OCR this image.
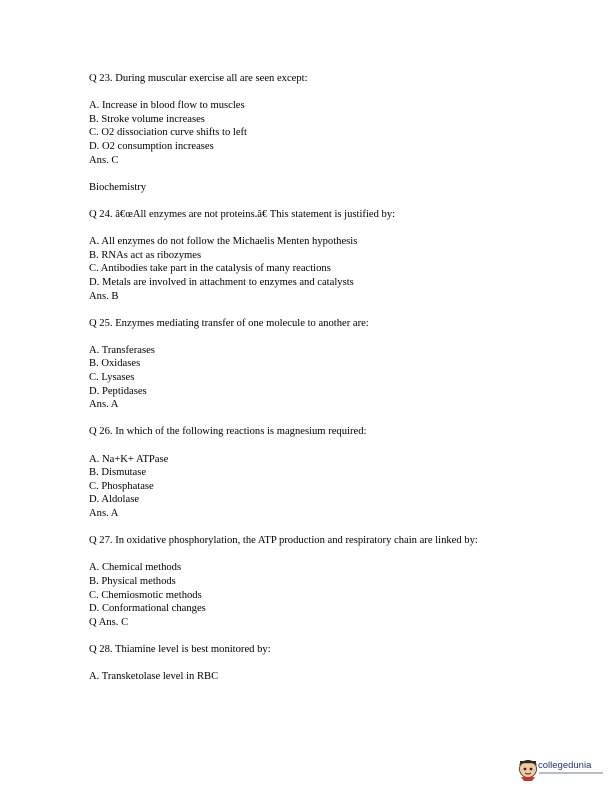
Q 23. During muscular exercise all are seen except:
A. Increase in blood flow to muscles
B. Stroke volume increases
C. O2 dissociation curve shifts to left
D. O2 consumption increases
Ans. C
Biochemistry
Q 24. â€œAll enzymes are not proteins.â€ This statement is justified by:
A. All enzymes do not follow the Michaelis Menten hypothesis
B. RNAs act as ribozymes
C. Antibodies take part in the catalysis of many reactions
D. Metals are involved in attachment to enzymes and catalysts
Ans. B
Q 25. Enzymes mediating transfer of one molecule to another are:
A. Transferases
B. Oxidases
C. Lysases
D. Peptidases
Ans. A
Q 26. In which of the following reactions is magnesium required:
A. Na+K+ ATPase
B. Dismutase
C. Phosphatase
D. Aldolase
Ans. A
Q 27. In oxidative phosphorylation, the ATP production and respiratory chain are linked by:
A. Chemical methods
B. Physical methods
C. Chemiosmotic methods
D. Conformational changes
Q Ans. C
Q 28. Thiamine level is best monitored by:
A. Transketolase level in RBC
collegedunia
